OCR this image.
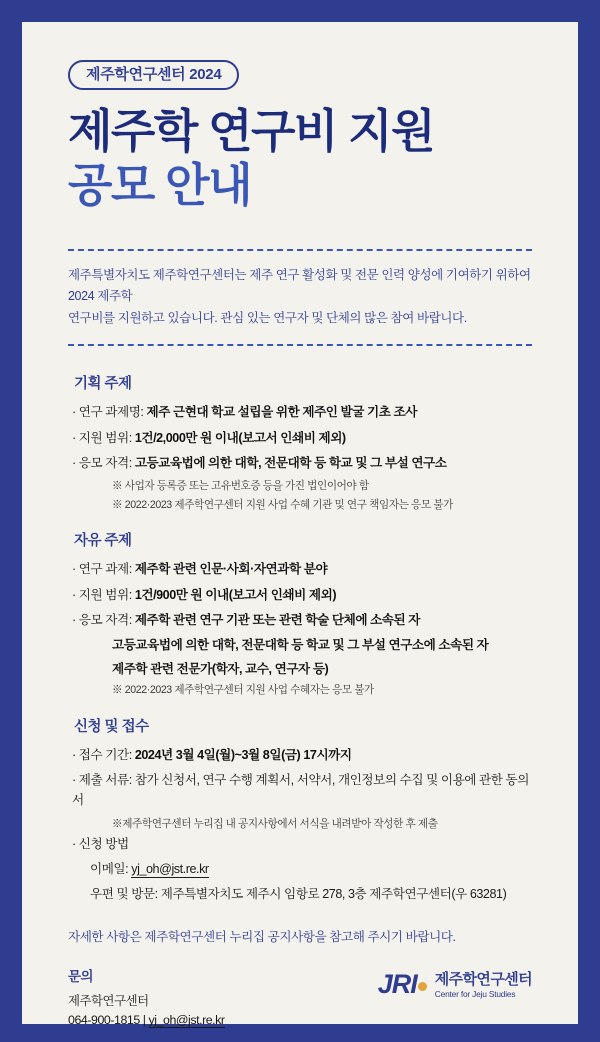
제주학연구센터 2024
제주학 연구비 지원
공모 안내
제주특별자치도 제주학연구센터는 제주 연구 활성화 및 전문 인력 양성에 기여하기 위하여 2024 제주학
연구비를 지원하고 있습니다. 관심 있는 연구자 및 단체의 많은 참여 바랍니다.
기획 주제
· 연구 과제명: 제주 근현대 학교 설립을 위한 제주인 발굴 기초 조사
· 지원 범위: 1건/2,000만 원 이내(보고서 인쇄비 제외)
· 응모 자격: 고등교육법에 의한 대학, 전문대학 등 학교 및 그 부설 연구소
※ 사업자 등록증 또는 고유번호증 등을 가진 법인이어야 함
※ 2022·2023 제주학연구센터 지원 사업 수혜 기관 및 연구 책임자는 응모 불가
자유 주제
· 연구 과제: 제주학 관련 인문·사회·자연과학 분야
· 지원 범위: 1건/900만 원 이내(보고서 인쇄비 제외)
· 응모 자격: 제주학 관련 연구 기관 또는 관련 학술 단체에 소속된 자
고등교육법에 의한 대학, 전문대학 등 학교 및 그 부설 연구소에 소속된 자
제주학 관련 전문가(학자, 교수, 연구자 등)
※ 2022·2023 제주학연구센터 지원 사업 수혜자는 응모 불가
신청 및 접수
· 접수 기간: 2024년 3월 4일(월)~3월 8일(금) 17시까지
· 제출 서류: 참가 신청서, 연구 수행 계획서, 서약서, 개인정보의 수집 및 이용에 관한 동의서
※제주학연구센터 누리집 내 공지사항에서 서식을 내려받아 작성한 후 제출
· 신청 방법
이메일: yj_oh@jst.re.kr
우편 및 방문: 제주특별자치도 제주시 임항로 278, 3층 제주학연구센터(우 63281)
자세한 사항은 제주학연구센터 누리집 공지사항을 참고해 주시기 바랍니다.
문의
제주학연구센터
064-900-1815 | yj_oh@jst.re.kr
JRI	제주학연구센터
Center for Jeju Studies
